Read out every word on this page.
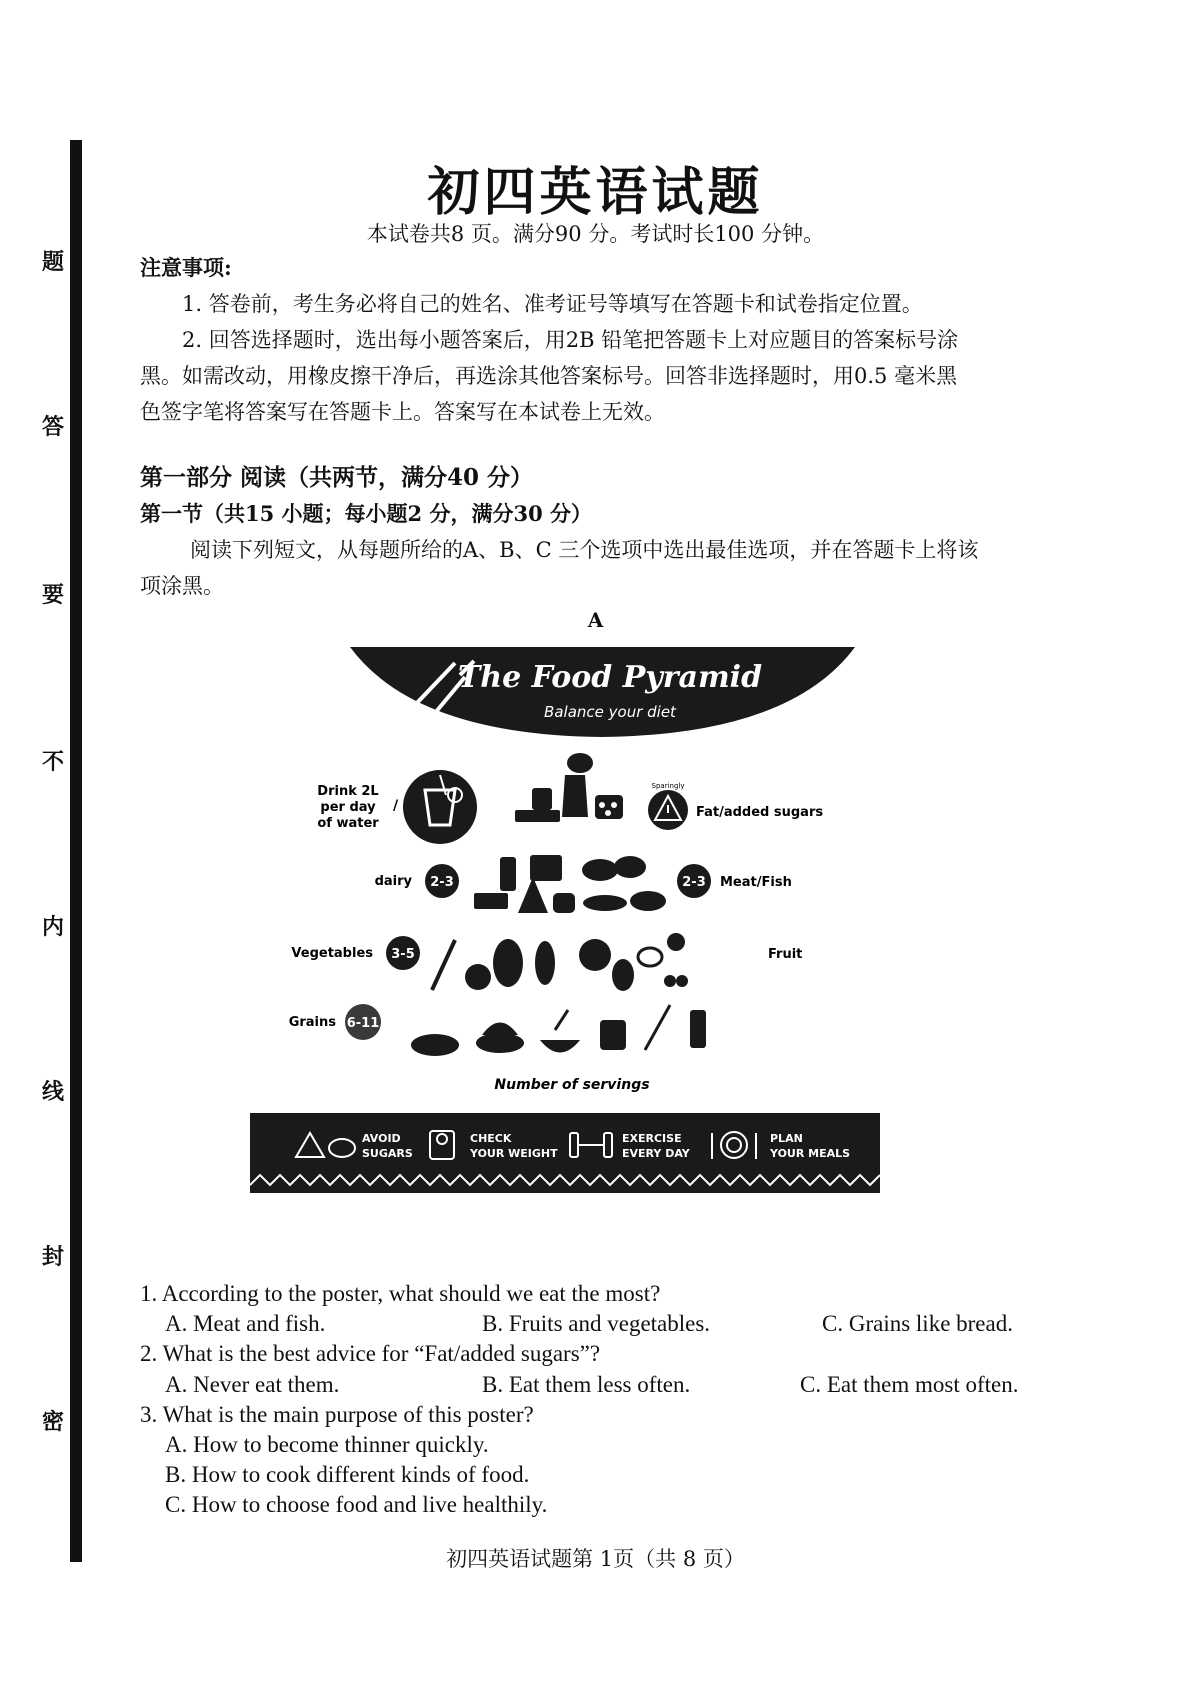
题
答
要
不
内
线
封
密
初四英语试题
本试卷共8 页。满分90 分。考试时长100 分钟。
注意事项:
1. 答卷前，考生务必将自己的姓名、准考证号等填写在答题卡和试卷指定位置。
2. 回答选择题时，选出每小题答案后，用2B 铅笔把答题卡上对应题目的答案标号涂
黑。如需改动，用橡皮擦干净后，再选涂其他答案标号。回答非选择题时，用0.5 毫米黑
色签字笔将答案写在答题卡上。答案写在本试卷上无效。
第一部分 阅读（共两节，满分40 分）
第一节（共15 小题；每小题2 分，满分30 分）
阅读下列短文，从每题所给的A、B、C 三个选项中选出最佳选项，并在答题卡上将该
项涂黑。
A
The Food Pyramid
Balance your diet
Drink 2L
per day
of water
/
Sparingly
Fat/added sugars
dairy 2-3	2-3 Meat/Fish
Vegetables 3-5	Fruit
Grains 6-11
Number of servings
AVOID
SUGARS
CHECK
YOUR WEIGHT
EXERCISE
EVERY DAY
PLAN
YOUR MEALS
1. According to the poster, what should we eat the most?
A. Meat and fish.	B. Fruits and vegetables.	C. Grains like bread.
2. What is the best advice for “Fat/added sugars”?
A. Never eat them.	B. Eat them less often.	C. Eat them most often.
3. What is the main purpose of this poster?
A. How to become thinner quickly.
B. How to cook different kinds of food.
C. How to choose food and live healthily.
初四英语试题第 1页（共 8 页）
